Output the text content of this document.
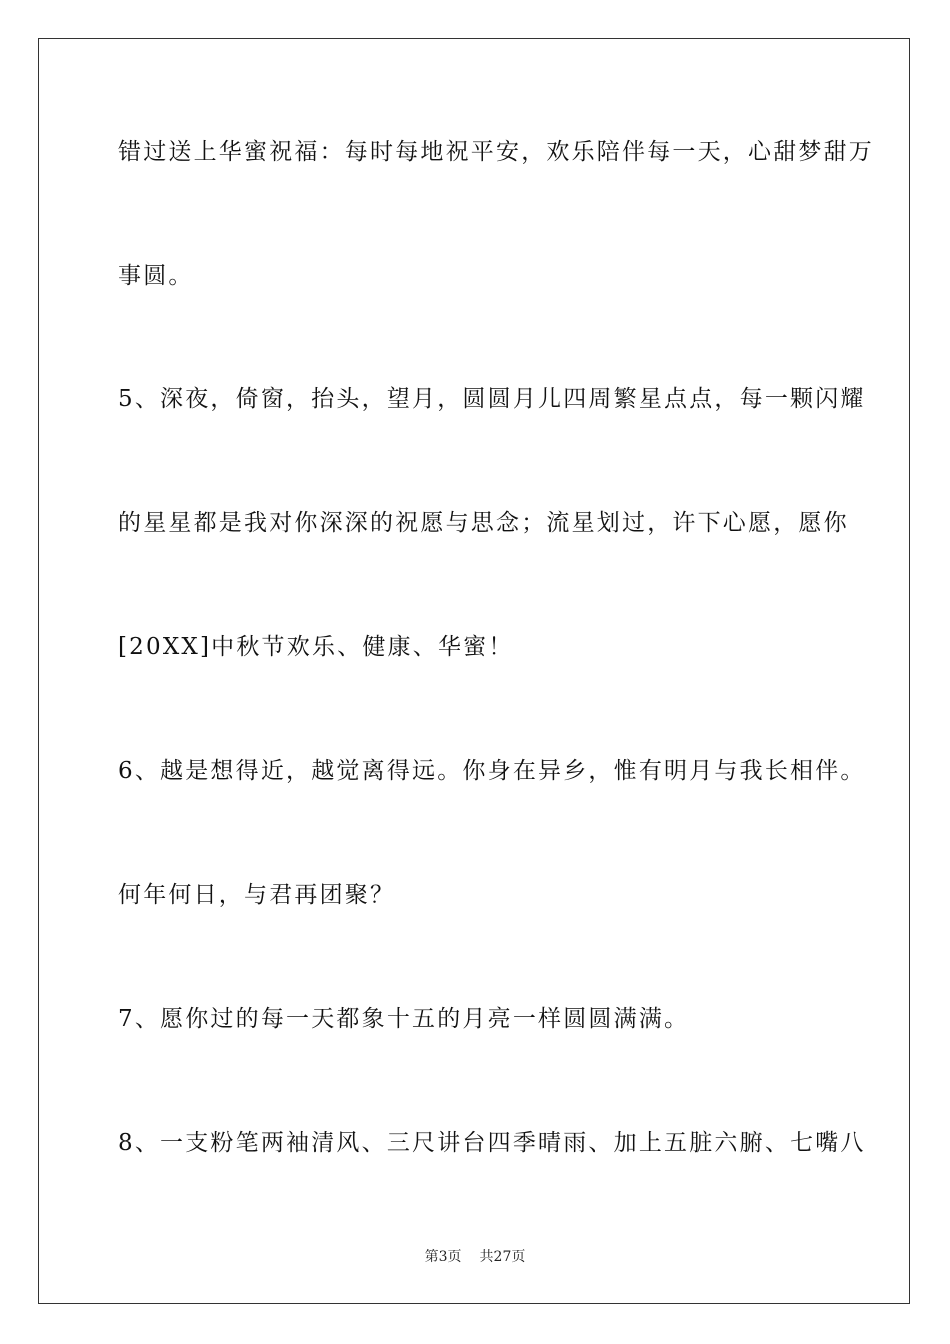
错过送上华蜜祝福：每时每地祝平安，欢乐陪伴每一天，心甜梦甜万

事圆。

5、深夜，倚窗，抬头，望月，圆圆月儿四周繁星点点，每一颗闪耀

的星星都是我对你深深的祝愿与思念；流星划过，许下心愿，愿你

[20XX]中秋节欢乐、健康、华蜜！

6、越是想得近，越觉离得远。你身在异乡，惟有明月与我长相伴。

何年何日，与君再团聚？

7、愿你过的每一天都象十五的月亮一样圆圆满满。

8、一支粉笔两袖清风、三尺讲台四季晴雨、加上五脏六腑、七嘴八

第3页 共27页
